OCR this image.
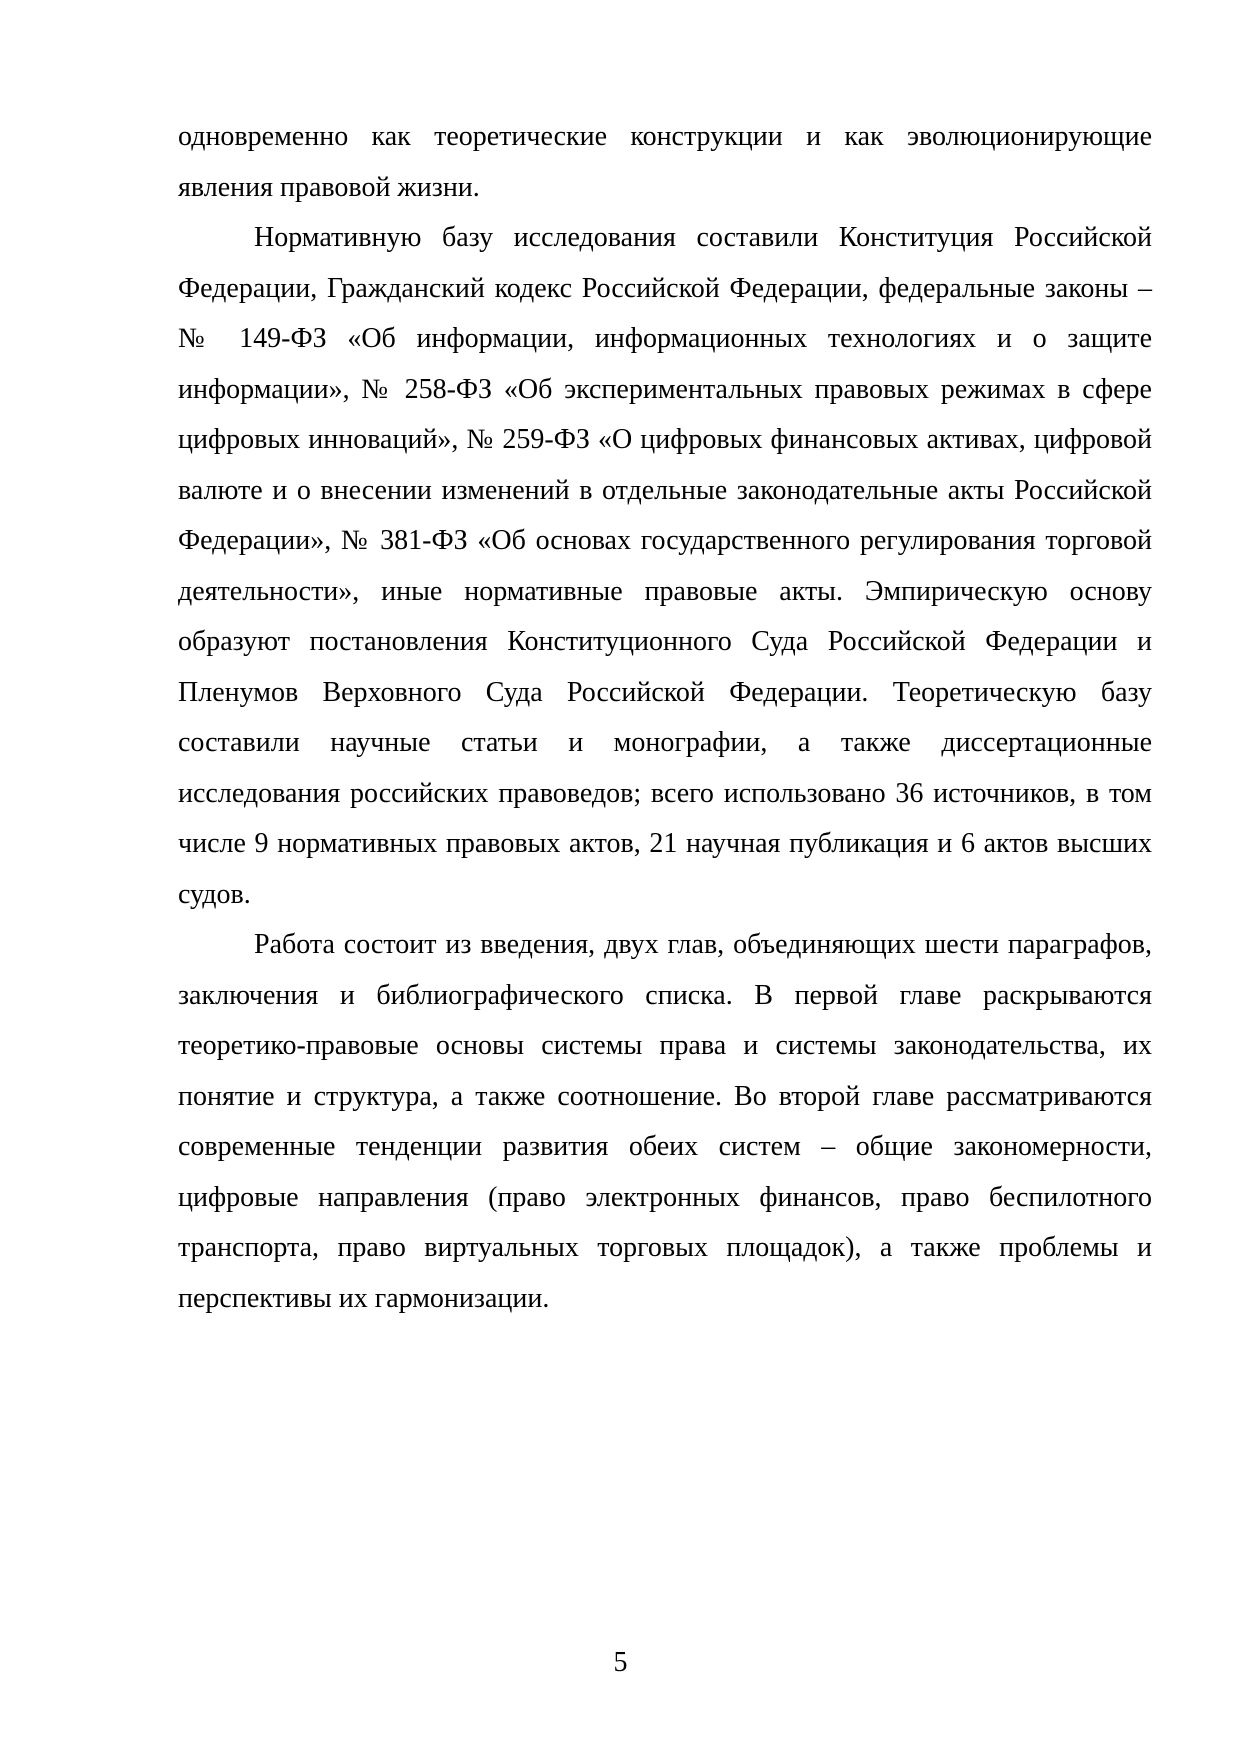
одновременно как теоретические конструкции и как эволюционирующие явления правовой жизни.

Нормативную базу исследования составили Конституция Российской Федерации, Гражданский кодекс Российской Федерации, федеральные законы – № 149-ФЗ «Об информации, информационных технологиях и о защите информации», № 258-ФЗ «Об экспериментальных правовых режимах в сфере цифровых инноваций», № 259-ФЗ «О цифровых финансовых активах, цифровой валюте и о внесении изменений в отдельные законодательные акты Российской Федерации», № 381-ФЗ «Об основах государственного регулирования торговой деятельности», иные нормативные правовые акты. Эмпирическую основу образуют постановления Конституционного Суда Российской Федерации и Пленумов Верховного Суда Российской Федерации. Теоретическую базу составили научные статьи и монографии, а также диссертационные исследования российских правоведов; всего использовано 36 источников, в том числе 9 нормативных правовых актов, 21 научная публикация и 6 актов высших судов.

Работа состоит из введения, двух глав, объединяющих шести параграфов, заключения и библиографического списка. В первой главе раскрываются теоретико-правовые основы системы права и системы законодательства, их понятие и структура, а также соотношение. Во второй главе рассматриваются современные тенденции развития обеих систем – общие закономерности, цифровые направления (право электронных финансов, право беспилотного транспорта, право виртуальных торговых площадок), а также проблемы и перспективы их гармонизации.

5
